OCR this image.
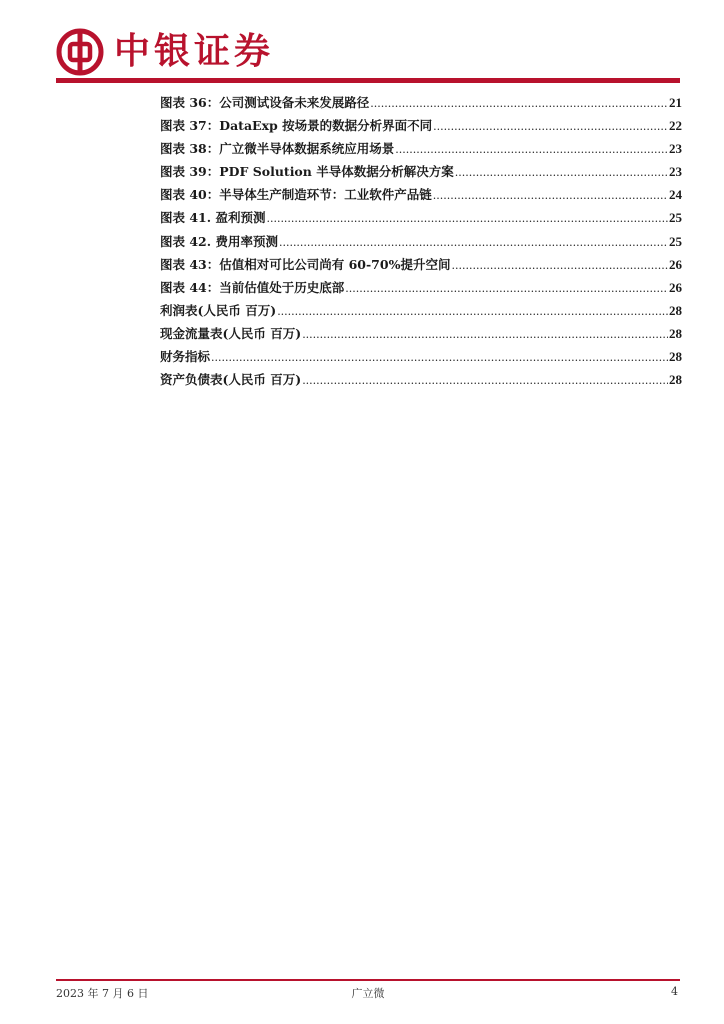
中银证券
图表 36：公司测试设备未来发展路径 .....	21
图表 37：DataExp 按场景的数据分析界面不同 .....	22
图表 38：广立微半导体数据系统应用场景 .....	23
图表 39：PDF Solution 半导体数据分析解决方案 .....	23
图表 40：半导体生产制造环节：工业软件产品链 .....	24
图表 41. 盈利预测 .....	25
图表 42. 费用率预测 .....	25
图表 43：估值相对可比公司尚有 60-70%提升空间 .....	26
图表 44：当前估值处于历史底部 .....	26
利润表(人民币 百万) .....	28
现金流量表(人民币 百万) .....	28
财务指标 .....	28
资产负债表(人民币 百万) .....	28
2023 年 7 月 6 日	广立微	4
